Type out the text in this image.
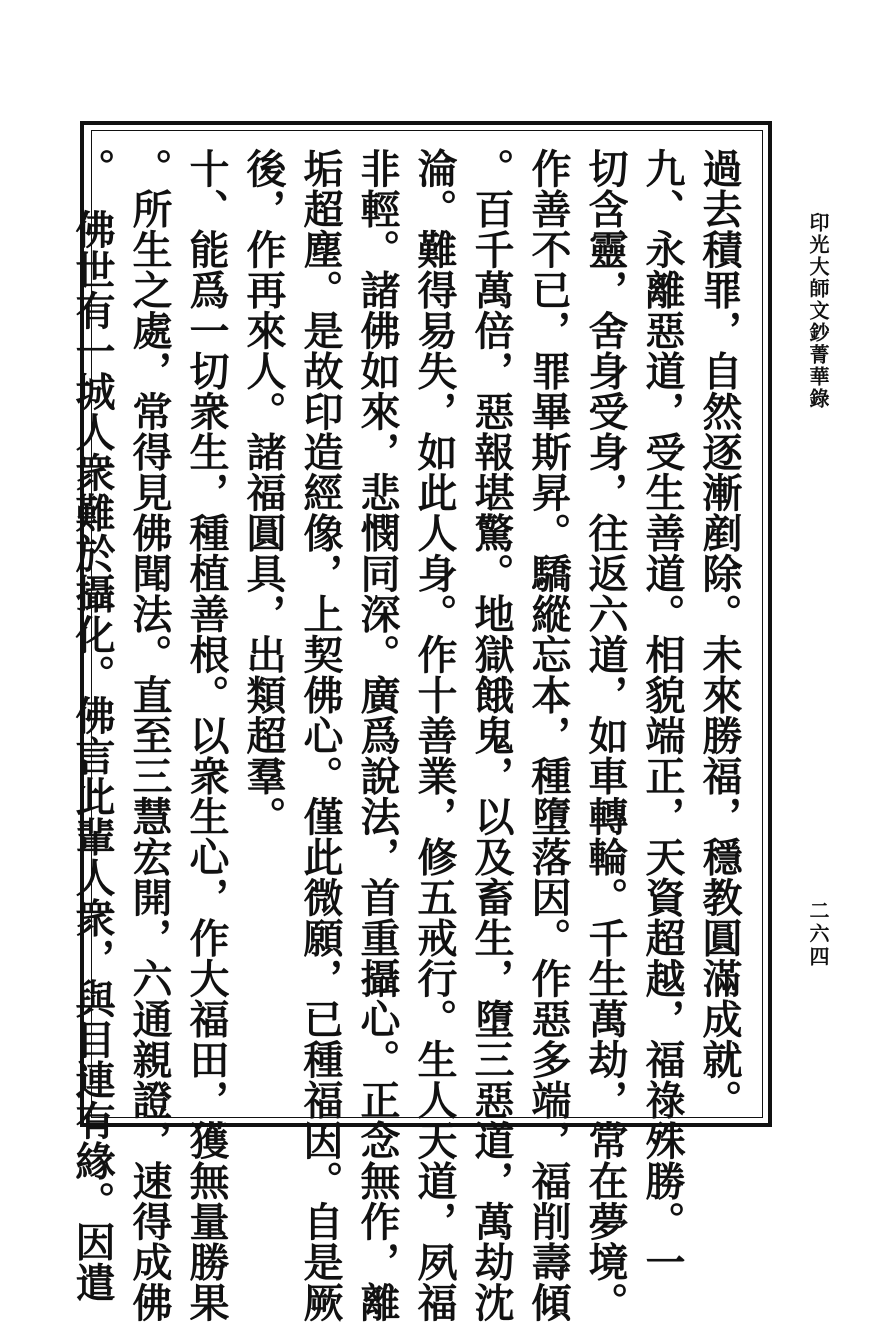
印光大師文鈔菁華錄
二六四
過去積罪，自然逐漸剷除。未來勝福，穩教圓滿成就。
九、永離惡道，受生善道。相貌端正，天資超越，福祿殊勝。一
切含靈，舍身受身，往返六道，如車轉輪。千生萬劫，常在夢境。
作善不已，罪畢斯昇。驕縱忘本，種墮落因。作惡多端，福削壽傾
。百千萬倍，惡報堪驚。地獄餓鬼，以及畜生，墮三惡道，萬劫沈
淪。難得易失，如此人身。作十善業，修五戒行。生人天道，夙福
非輕。諸佛如來，悲憫同深。廣爲說法，首重攝心。正念無作，離
垢超塵。是故印造經像，上契佛心。僅此微願，已種福因。自是厥
後，作再來人。諸福圓具，出類超羣。
十、能爲一切衆生，種植善根。以衆生心，作大福田，獲無量勝果
。所生之處，常得見佛聞法。直至三慧宏開，六通親證，速得成佛
。　佛世有一城人衆難於攝化。佛言此輩人衆，與目連有緣。因遣
